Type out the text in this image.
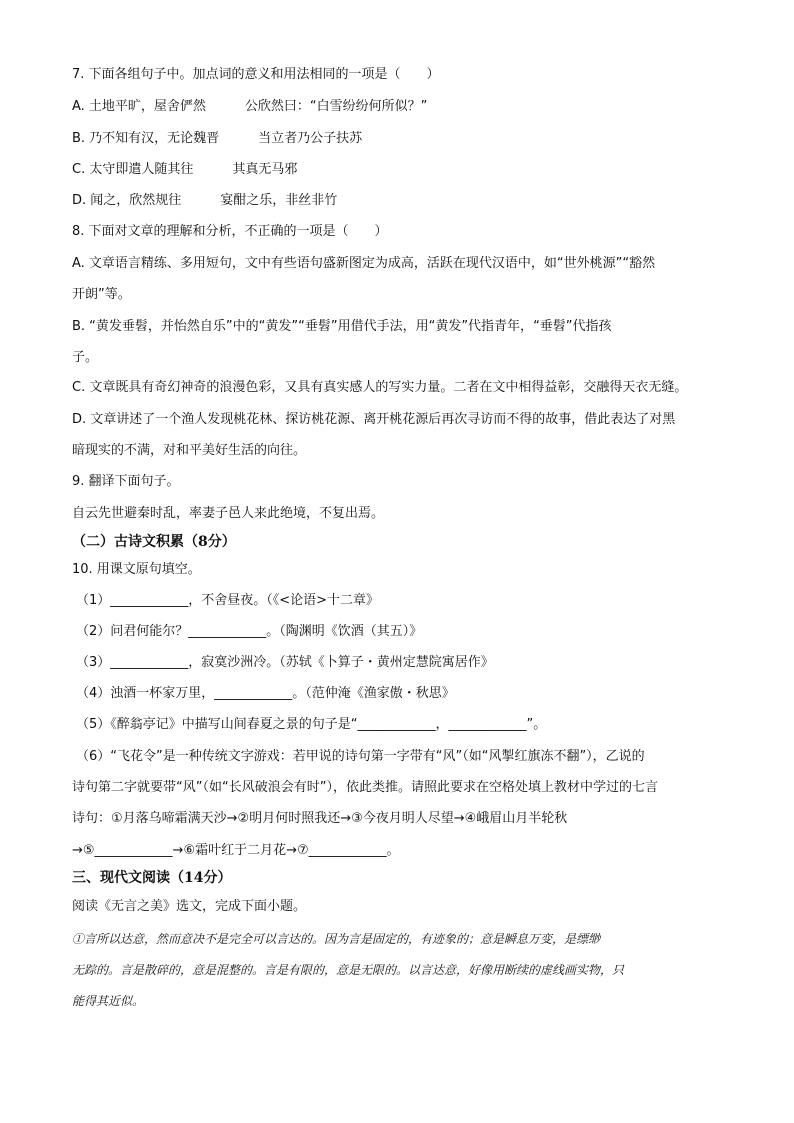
7. 下面各组句子中。加点词的意义和用法相同的一项是（　　）
A. 土地平旷，屋舍俨然　　　公欣然曰：“白雪纷纷何所似？”
B. 乃不知有汉，无论魏晋　　　当立者乃公子扶苏
C. 太守即遣人随其往　　　其真无马邪
D. 闻之，欣然规往　　　宴酣之乐，非丝非竹
8. 下面对文章的理解和分析，不正确的一项是（　　）
A. 文章语言精练、多用短句，文中有些语句盛新图定为成高，活跃在现代汉语中，如“世外桃源”“豁然
开朗”等。
B. “黄发垂髫，并怡然自乐”中的“黄发”“垂髫”用借代手法，用“黄发”代指青年，“垂髫”代指孩
子。
C. 文章既具有奇幻神奇的浪漫色彩，又具有真实感人的写实力量。二者在文中相得益彰，交融得天衣无缝。
D. 文章讲述了一个渔人发现桃花林、探访桃花源、离开桃花源后再次寻访而不得的故事，借此表达了对黑
暗现实的不满，对和平美好生活的向往。
9. 翻译下面句子。
自云先世避秦时乱，率妻子邑人来此绝境，不复出焉。
（二）古诗文积累（8分）
10. 用课文原句填空。
（1）____________，不舍昼夜。（《<论语>十二章》
（2）问君何能尔？____________。（陶渊明《饮酒（其五）》
（3）____________，寂寞沙洲冷。（苏轼《卜算子・黄州定慧院寓居作》
（4）浊酒一杯家万里，____________。（范仲淹《渔家傲・秋思》
（5）《醉翁亭记》中描写山间春夏之景的句子是“____________，____________”。
（6）“飞花令”是一种传统文字游戏：若甲说的诗句第一字带有“风”（如“风掣红旗冻不翻”），乙说的
诗句第二字就要带“风”（如“长风破浪会有时”），依此类推。请照此要求在空格处填上教材中学过的七言
诗句：①月落乌啼霜满天沙→②明月何时照我还→③今夜月明人尽望→④峨眉山月半轮秋
→⑤____________→⑥霜叶红于二月花→⑦____________。
三、现代文阅读（14分）
阅读《无言之美》选文，完成下面小题。
①言所以达意，然而意决不是完全可以言达的。因为言是固定的，有迹象的；意是瞬息万变，是缥缈
无踪的。言是散碎的，意是混整的。言是有限的，意是无限的。以言达意，好像用断续的虚线画实物，只
能得其近似。
